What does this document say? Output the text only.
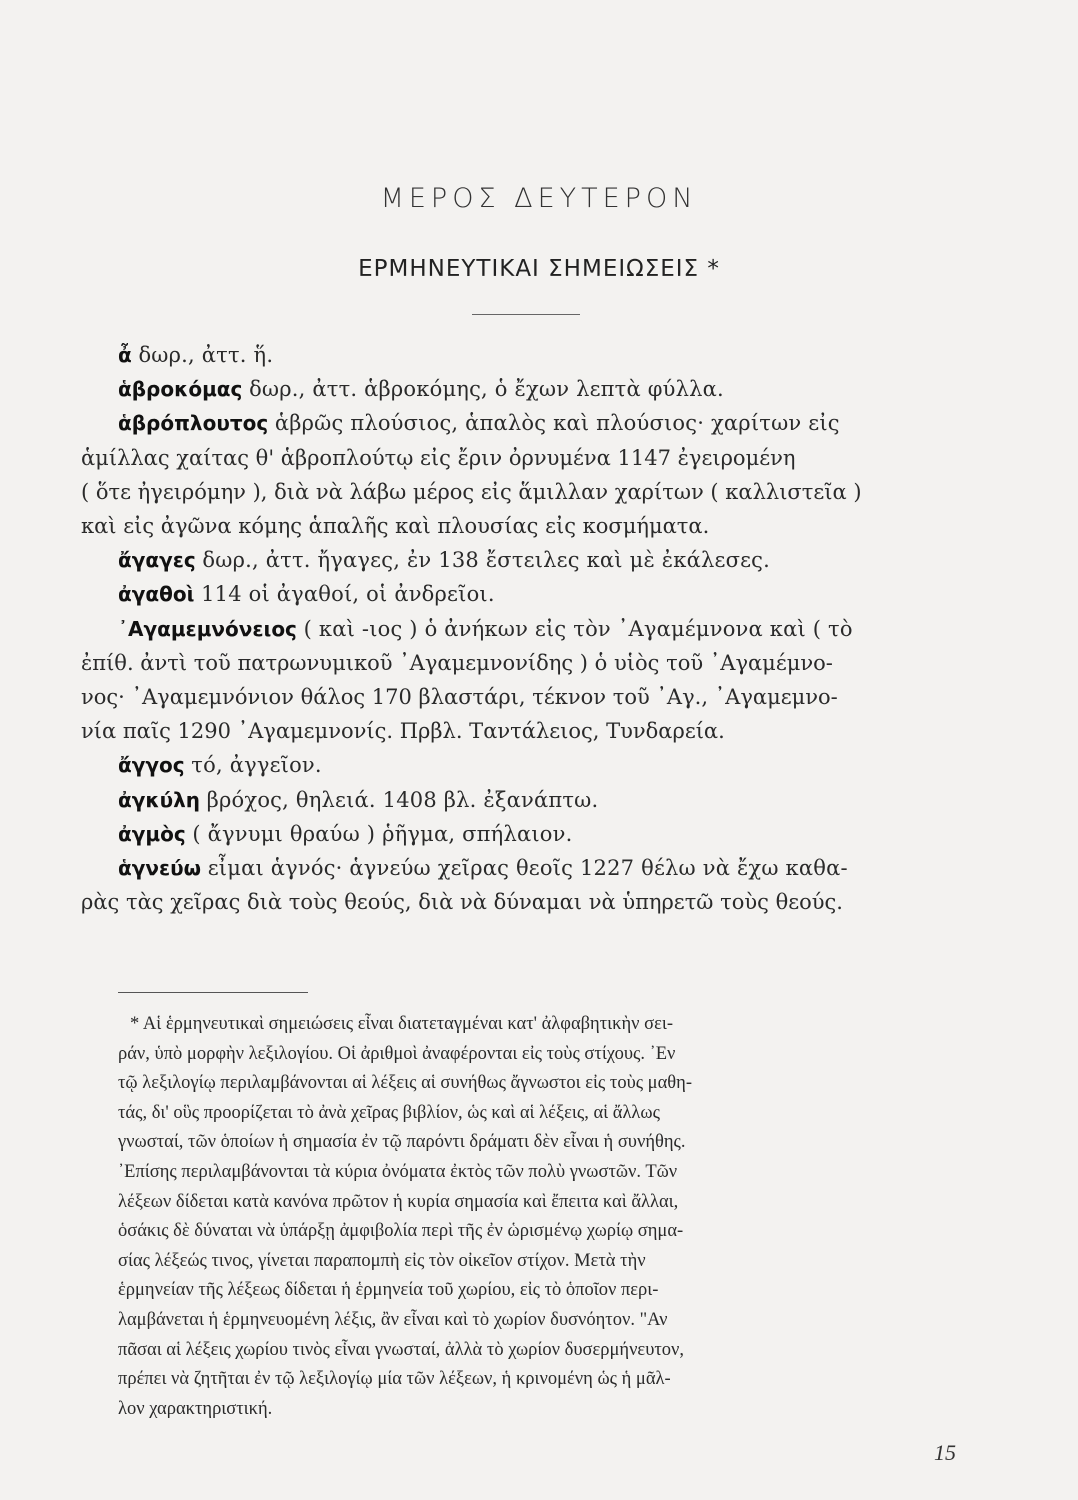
ΜΕΡΟΣ ΔΕΥΤΕΡΟΝ
ΕΡΜΗΝΕΥΤΙΚΑΙ ΣΗΜΕΙΩΣΕΙΣ *

ἆ δωρ., ἀττ. ἥ.

ἁβροκόμας δωρ., ἀττ. ἁβροκόμης, ὁ ἔχων λεπτὰ φύλλα.

ἁβρόπλουτος ἁβρῶς πλούσιος, ἁπαλὸς καὶ πλούσιος· χαρίτων εἰς
ἁμίλλας χαίτας θ' ἁβροπλούτῳ εἰς ἔριν ὀρνυμένα 1147 ἐγειρομένη
( ὅτε ἠγειρόμην ), διὰ νὰ λάβω μέρος εἰς ἅμιλλαν χαρίτων ( καλλιστεῖα )
καὶ εἰς ἀγῶνα κόμης ἁπαλῆς καὶ πλουσίας εἰς κοσμήματα.

ἄγαγες δωρ., ἀττ. ἤγαγες, ἐν 138 ἔστειλες καὶ μὲ ἐκάλεσες.

ἀγαθοὶ 114 οἱ ἀγαθοί, οἱ ἀνδρεῖοι.

᾿Αγαμεμνόνειος ( καὶ -ιος ) ὁ ἀνήκων εἰς τὸν ᾿Αγαμέμνονα καὶ ( τὸ
ἐπίθ. ἀντὶ τοῦ πατρωνυμικοῦ ᾿Αγαμεμνονίδης ) ὁ υἱὸς τοῦ ᾿Αγαμέμνο-
νος· ᾿Αγαμεμνόνιον θάλος 170 βλαστάρι, τέκνον τοῦ ᾿Αγ., ᾿Αγαμεμνο-
νία παῖς 1290 ᾿Αγαμεμνονίς. Πρβλ. Ταντάλειος, Τυνδαρεία.

ἄγγος τό, ἀγγεῖον.

ἀγκύλη βρόχος, θηλειά. 1408 βλ. ἐξανάπτω.

ἀγμὸς ( ἄγνυμι θραύω ) ῥῆγμα, σπήλαιον.

ἁγνεύω εἶμαι ἁγνός· ἁγνεύω χεῖρας θεοῖς 1227 θέλω νὰ ἔχω καθα-
ρὰς τὰς χεῖρας διὰ τοὺς θεούς, διὰ νὰ δύναμαι νὰ ὑπηρετῶ τοὺς θεούς.

* Αἱ ἑρμηνευτικαὶ σημειώσεις εἶναι διατεταγμέναι κατ' ἀλφαβητικὴν σει-
ράν, ὑπὸ μορφὴν λεξιλογίου. Οἱ ἀριθμοὶ ἀναφέρονται εἰς τοὺς στίχους. ᾿Εν
τῷ λεξιλογίῳ περιλαμβάνονται αἱ λέξεις αἱ συνήθως ἄγνωστοι εἰς τοὺς μαθη-
τάς, δι' οὓς προορίζεται τὸ ἀνὰ χεῖρας βιβλίον, ὡς καὶ αἱ λέξεις, αἱ ἄλλως
γνωσταί, τῶν ὁποίων ἡ σημασία ἐν τῷ παρόντι δράματι δὲν εἶναι ἡ συνήθης.
᾿Επίσης περιλαμβάνονται τὰ κύρια ὀνόματα ἐκτὸς τῶν πολὺ γνωστῶν. Τῶν
λέξεων δίδεται κατὰ κανόνα πρῶτον ἡ κυρία σημασία καὶ ἔπειτα καὶ ἄλλαι,
ὁσάκις δὲ δύναται νὰ ὑπάρξῃ ἀμφιβολία περὶ τῆς ἐν ὡρισμένῳ χωρίῳ σημα-
σίας λέξεώς τινος, γίνεται παραπομπὴ εἰς τὸν οἰκεῖον στίχον. Μετὰ τὴν
ἑρμηνείαν τῆς λέξεως δίδεται ἡ ἑρμηνεία τοῦ χωρίου, εἰς τὸ ὁποῖον περι-
λαμβάνεται ἡ ἑρμηνευομένη λέξις, ἂν εἶναι καὶ τὸ χωρίον δυσνόητον. "Αν
πᾶσαι αἱ λέξεις χωρίου τινὸς εἶναι γνωσταί, ἀλλὰ τὸ χωρίον δυσερμήνευτον,
πρέπει νὰ ζητῆται ἐν τῷ λεξιλογίῳ μία τῶν λέξεων, ἡ κρινομένη ὡς ἡ μᾶλ-
λον χαρακτηριστική.
15
